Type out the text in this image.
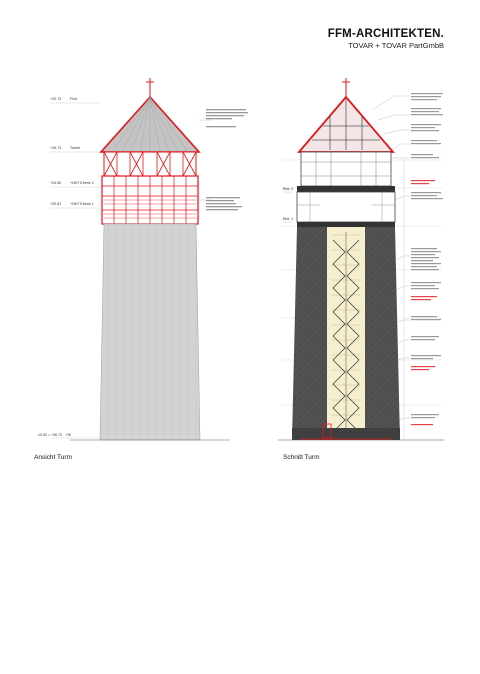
FFM-ARCHITEKTEN.
TOVAR + TOVAR PartGmbB
+32.73 First
+26.73 Traufe
+24.50 +NHT Ebene 2
+20.81 +NHT Ebene 1
±0.00 = +36.73 OK
Ebd. 2
Ebd. 1
Ansicht Turm	Schnitt Turm
